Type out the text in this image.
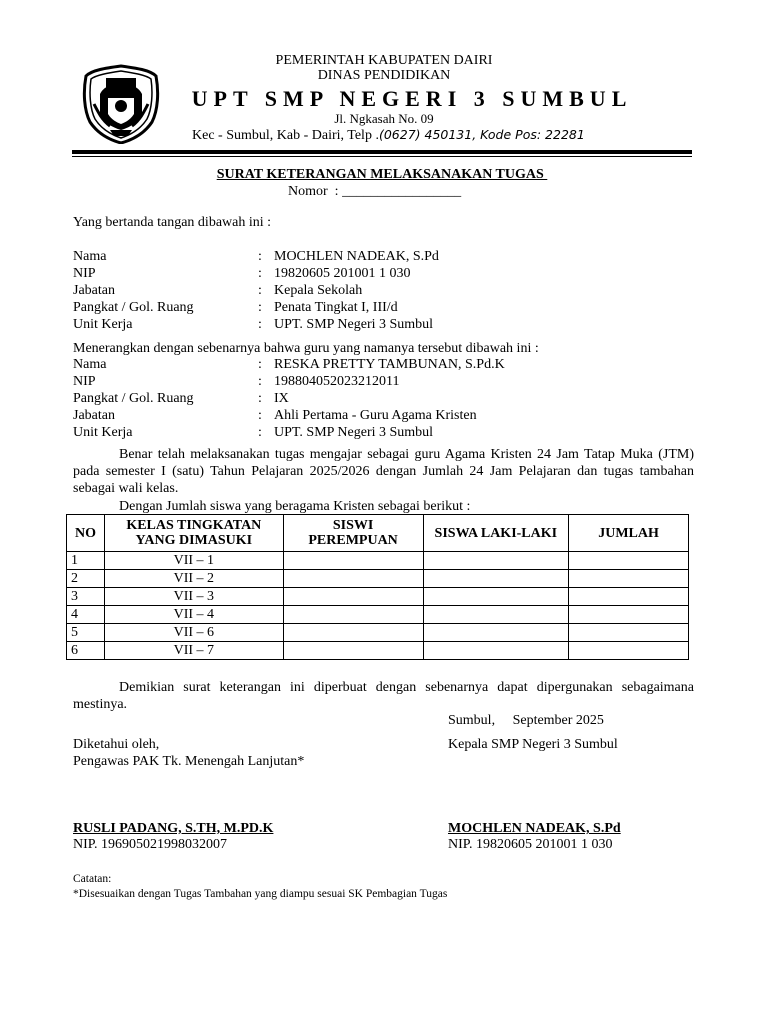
PEMERINTAH KABUPATEN DAIRI
DINAS PENDIDIKAN
UPT SMP NEGERI 3 SUMBUL
Jl. Ngkasah No. 09
Kec - Sumbul, Kab - Dairi, Telp .(0627) 450131, Kode Pos: 22281
SURAT KETERANGAN MELAKSANAKAN TUGAS
Nomor  : _________________
Yang bertanda tangan dibawah ini :
Nama	: MOCHLEN NADEAK, S.Pd
NIP	: 19820605 201001 1 030
Jabatan	: Kepala Sekolah
Pangkat / Gol. Ruang	: Penata Tingkat I, III/d
Unit Kerja	: UPT. SMP Negeri 3 Sumbul
Menerangkan dengan sebenarnya bahwa guru yang namanya tersebut dibawah ini :
Nama	: RESKA PRETTY TAMBUNAN, S.Pd.K
NIP	: 198804052023212011
Pangkat / Gol. Ruang	: IX
Jabatan	: Ahli Pertama - Guru Agama Kristen
Unit Kerja	: UPT. SMP Negeri 3 Sumbul
Benar telah melaksanakan tugas mengajar sebagai guru Agama Kristen 24 Jam Tatap Muka (JTM) pada semester I (satu) Tahun Pelajaran 2025/2026 dengan Jumlah 24 Jam Pelajaran dan tugas tambahan sebagai wali kelas.
Dengan Jumlah siswa yang beragama Kristen sebagai berikut :
NO	KELAS TINGKATAN YANG DIMASUKI	SISWI PEREMPUAN	SISWA LAKI-LAKI	JUMLAH
1	VII – 1			
2	VII – 2			
3	VII – 3			
4	VII – 4			
5	VII – 6			
6	VII – 7			
Demikian surat keterangan ini diperbuat dengan sebenarnya dapat dipergunakan sebagaimana mestinya.
Sumbul,     September 2025
Diketahui oleh,
Pengawas PAK Tk. Menengah Lanjutan*
Kepala SMP Negeri 3 Sumbul
RUSLI PADANG, S.TH, M.PD.K
NIP. 196905021998032007
MOCHLEN NADEAK, S.Pd
NIP. 19820605 201001 1 030
Catatan:
*Disesuaikan dengan Tugas Tambahan yang diampu sesuai SK Pembagian Tugas
